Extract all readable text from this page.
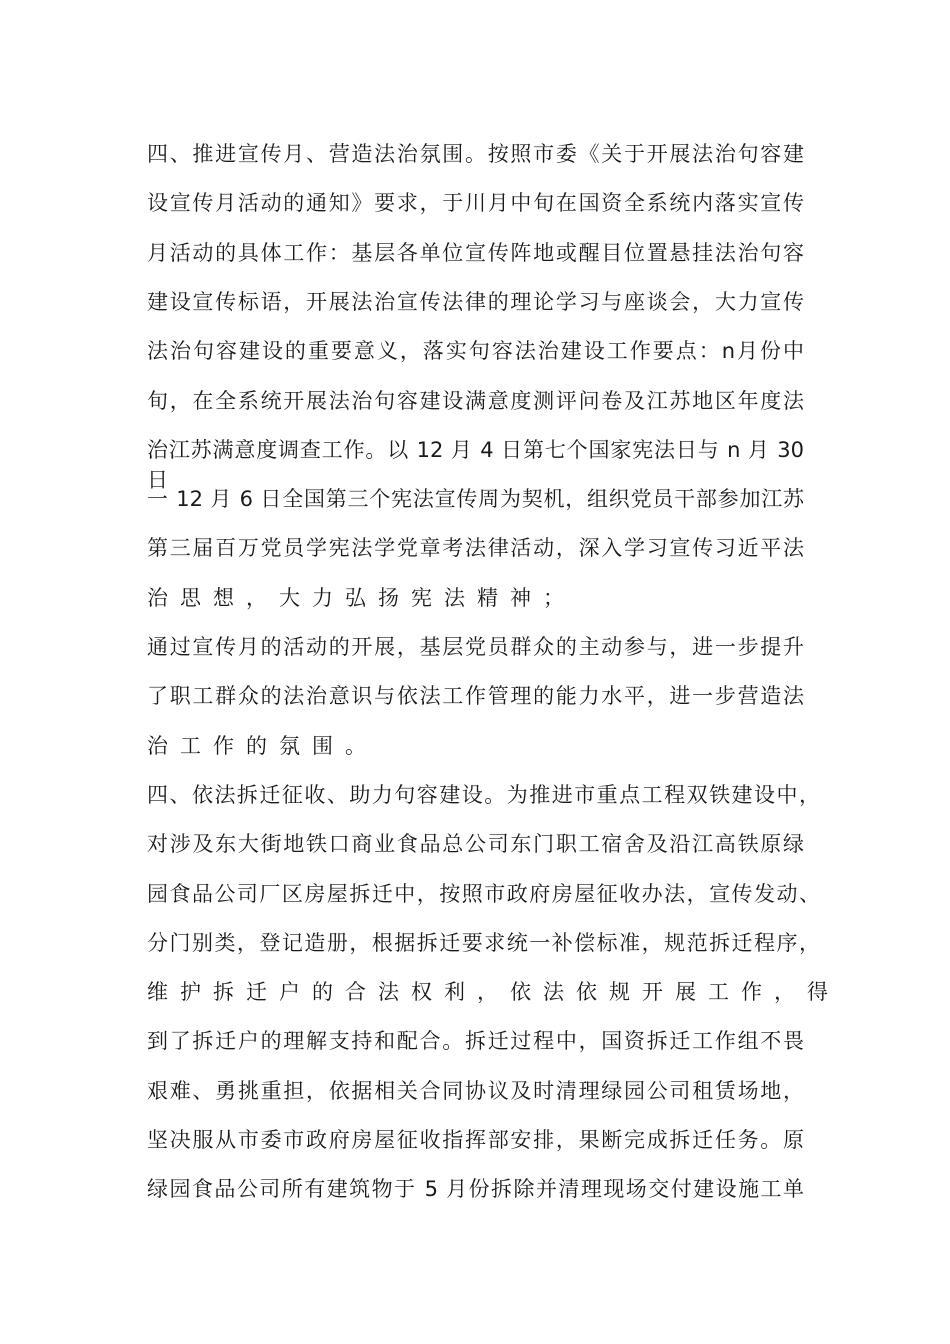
四、推进宣传月、营造法治氛围。按照市委《关于开展法治句容建
设宣传月活动的通知》要求，于川月中旬在国资全系统内落实宣传
月活动的具体工作：基层各单位宣传阵地或醒目位置悬挂法治句容
建设宣传标语，开展法治宣传法律的理论学习与座谈会，大力宣传
法治句容建设的重要意义，落实句容法治建设工作要点：n月份中
旬，在全系统开展法治句容建设满意度测评问卷及江苏地区年度法
治江苏满意度调查工作。以 12 月 4 日第七个国家宪法日与 n 月 30 日
一 12 月 6 日全国第三个宪法宣传周为契机，组织党员干部参加江苏
第三届百万党员学宪法学党章考法律活动，深入学习宣传习近平法
治思想，大力弘扬宪法精神；
通过宣传月的活动的开展，基层党员群众的主动参与，进一步提升
了职工群众的法治意识与依法工作管理的能力水平，进一步营造法
治工作的氛围。
四、依法拆迁征收、助力句容建设。为推进市重点工程双铁建设中，
对涉及东大街地铁口商业食品总公司东门职工宿舍及沿江高铁原绿
园食品公司厂区房屋拆迁中，按照市政府房屋征收办法，宣传发动、
分门别类，登记造册，根据拆迁要求统一补偿标准，规范拆迁程序，
维护拆迁户的合法权利，依法依规开展工作，得
到了拆迁户的理解支持和配合。拆迁过程中，国资拆迁工作组不畏
艰难、勇挑重担，依据相关合同协议及时清理绿园公司租赁场地，
坚决服从市委市政府房屋征收指挥部安排，果断完成拆迁任务。原
绿园食品公司所有建筑物于 5 月份拆除并清理现场交付建设施工单
